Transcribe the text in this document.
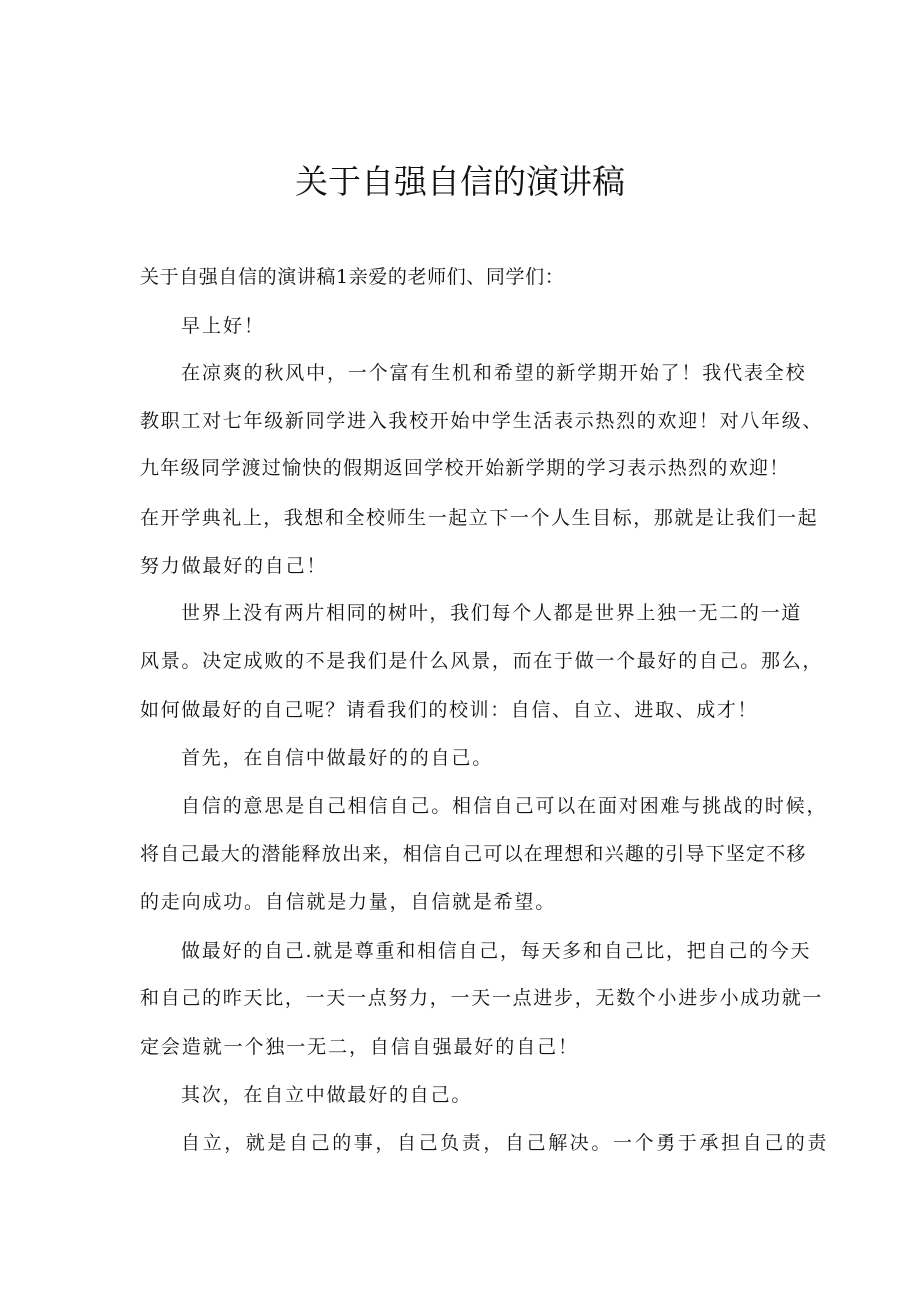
关于自强自信的演讲稿
关于自强自信的演讲稿1亲爱的老师们、同学们：
早上好！
在凉爽的秋风中，一个富有生机和希望的新学期开始了！我代表全校
教职工对七年级新同学进入我校开始中学生活表示热烈的欢迎！对八年级、
九年级同学渡过愉快的假期返回学校开始新学期的学习表示热烈的欢迎！
在开学典礼上，我想和全校师生一起立下一个人生目标，那就是让我们一起
努力做最好的自己！
世界上没有两片相同的树叶，我们每个人都是世界上独一无二的一道
风景。决定成败的不是我们是什么风景，而在于做一个最好的自己。那么，
如何做最好的自己呢？请看我们的校训：自信、自立、进取、成才！
首先，在自信中做最好的的自己。
自信的意思是自己相信自己。相信自己可以在面对困难与挑战的时候，
将自己最大的潜能释放出来，相信自己可以在理想和兴趣的引导下坚定不移
的走向成功。自信就是力量，自信就是希望。
做最好的自己.就是尊重和相信自己，每天多和自己比，把自己的今天
和自己的昨天比，一天一点努力，一天一点进步，无数个小进步小成功就一
定会造就一个独一无二，自信自强最好的自己！
其次，在自立中做最好的自己。
自立，就是自己的事，自己负责，自己解决。一个勇于承担自己的责
